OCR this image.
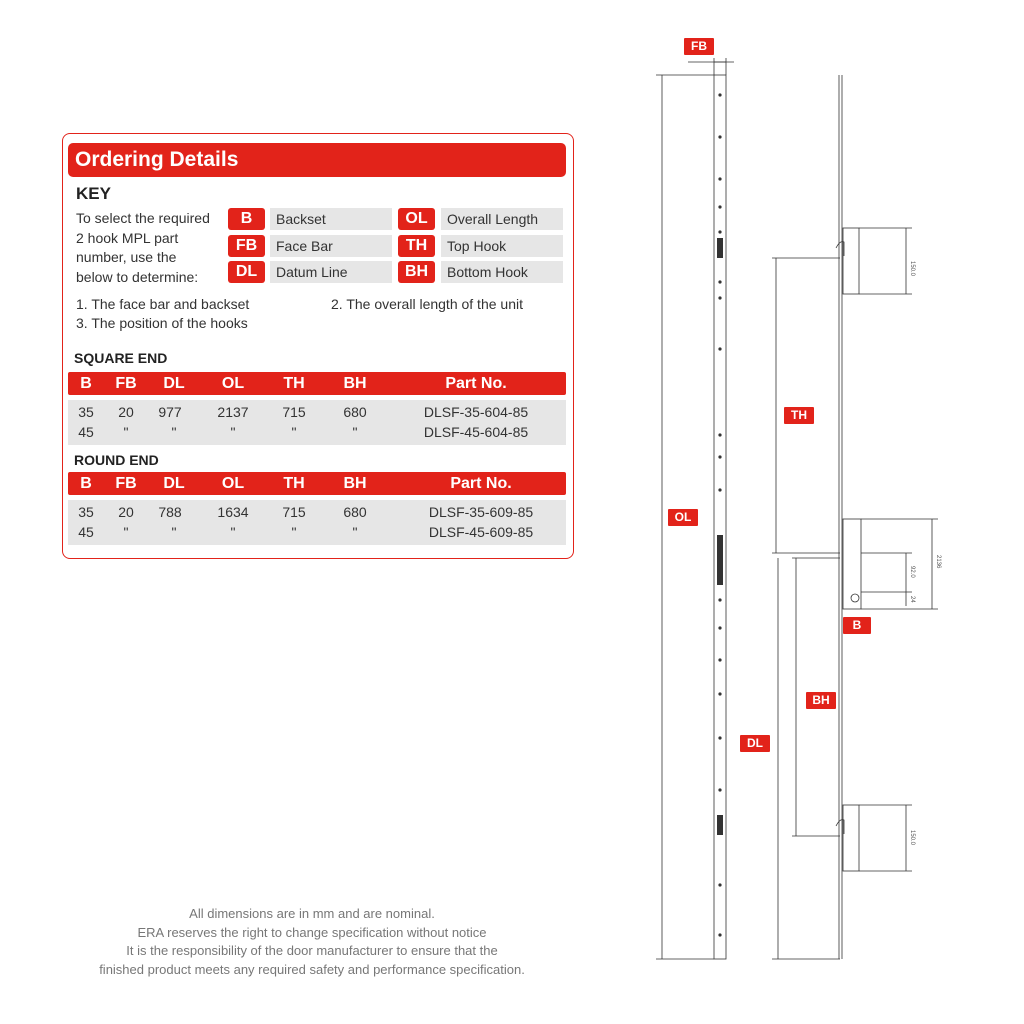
Ordering Details
KEY
To select the required
2 hook MPL part
number, use the
below to determine:
B	Backset
FB	Face Bar
DL	Datum Line
OL	Overall Length
TH	Top Hook
BH	Bottom Hook
1. The face bar and backset	2. The overall length of the unit
3. The position of the hooks
SQUARE END
B FB DL OL TH BH	Part No.
35 20 977	2137 715	680	DLSF-35-604-85
45 "	"	"	"	"	DLSF-45-604-85
ROUND END
B FB DL OL TH BH	Part No.
35 20 788	1634 715	680	DLSF-35-609-85
45 "	"	"	"	"	DLSF-45-609-85
All dimensions are in mm and are nominal.
ERA reserves the right to change specification without notice
It is the responsibility of the door manufacturer to ensure that the
finished product meets any required safety and performance specification.
150.0
2136
92.0
24
150.0
FB
OL
TH
B
BH
DL
